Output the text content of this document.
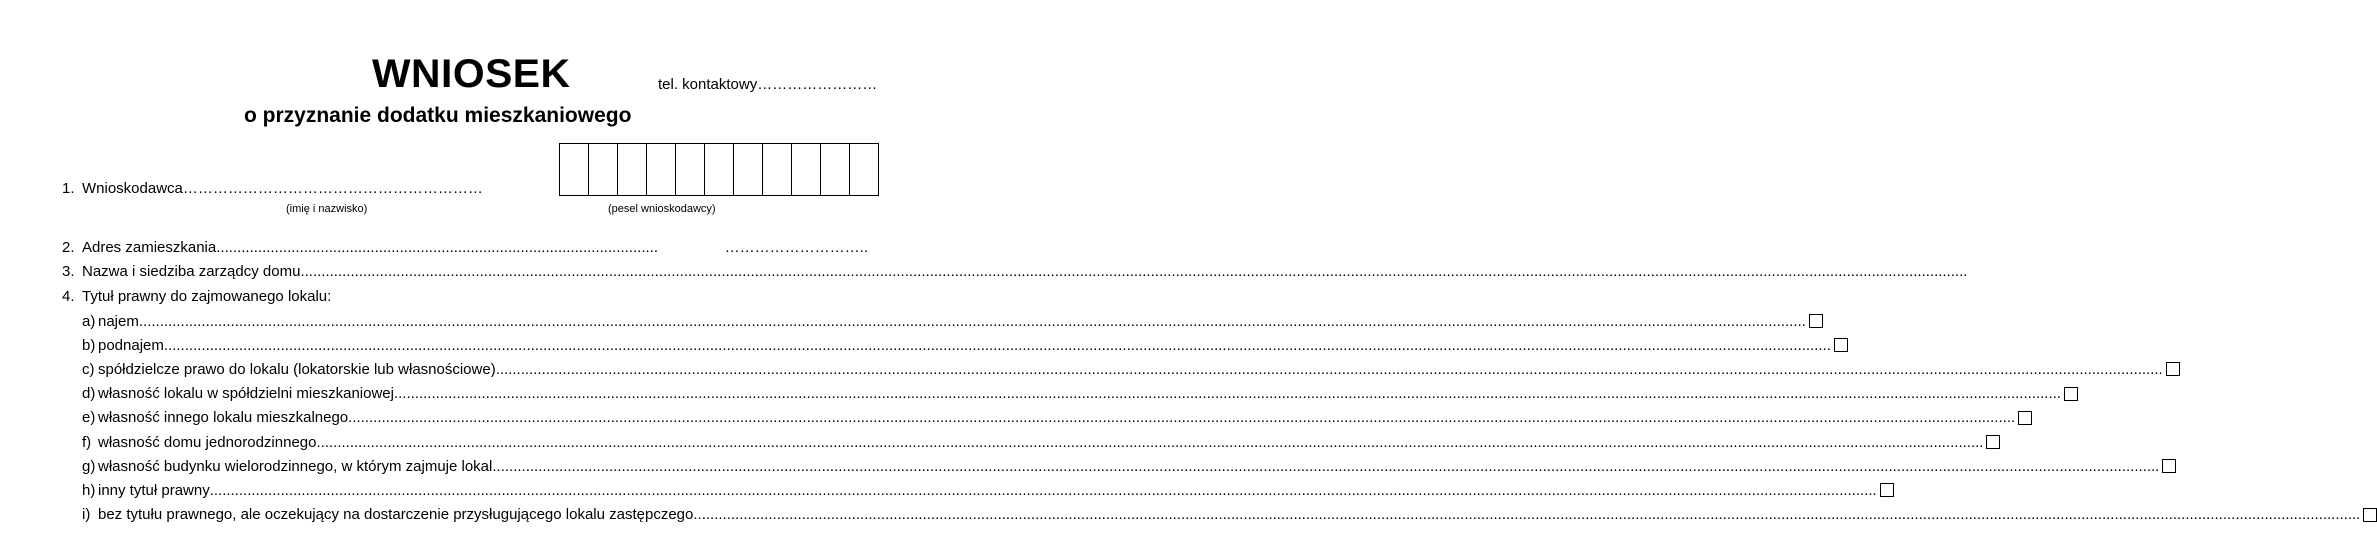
WNIOSEK	tel. kontaktowy……………………
o przyznanie dodatku mieszkaniowego
1. Wnioskodawca……………………………………………………
(imię i nazwisko)	(pesel wnioskodawcy)
2. Adres zamieszkania ..........................................................................................................	………………………..
3. Nazwa i siedziba zarządcy domu ................................................................................................................................................................................................................................................................................................................................................................................................................
4. Tytuł prawny do zajmowanego lokalu:
a) najem ................................................................................................................................................................................................................................................................................................................................................................................................................
b) podnajem ................................................................................................................................................................................................................................................................................................................................................................................................................
c) spółdzielcze prawo do lokalu (lokatorskie lub własnościowe) ................................................................................................................................................................................................................................................................................................................................................................................................................
d) własność lokalu w spółdzielni mieszkaniowej ................................................................................................................................................................................................................................................................................................................................................................................................................
e) własność innego lokalu mieszkalnego ................................................................................................................................................................................................................................................................................................................................................................................................................
f) własność domu jednorodzinnego ................................................................................................................................................................................................................................................................................................................................................................................................................
g) własność budynku wielorodzinnego, w którym zajmuje lokal ................................................................................................................................................................................................................................................................................................................................................................................................................
h) inny tytuł prawny ................................................................................................................................................................................................................................................................................................................................................................................................................
i) bez tytułu prawnego, ale oczekujący na dostarczenie przysługującego lokalu zastępczego ................................................................................................................................................................................................................................................................................................................................................................................................................
